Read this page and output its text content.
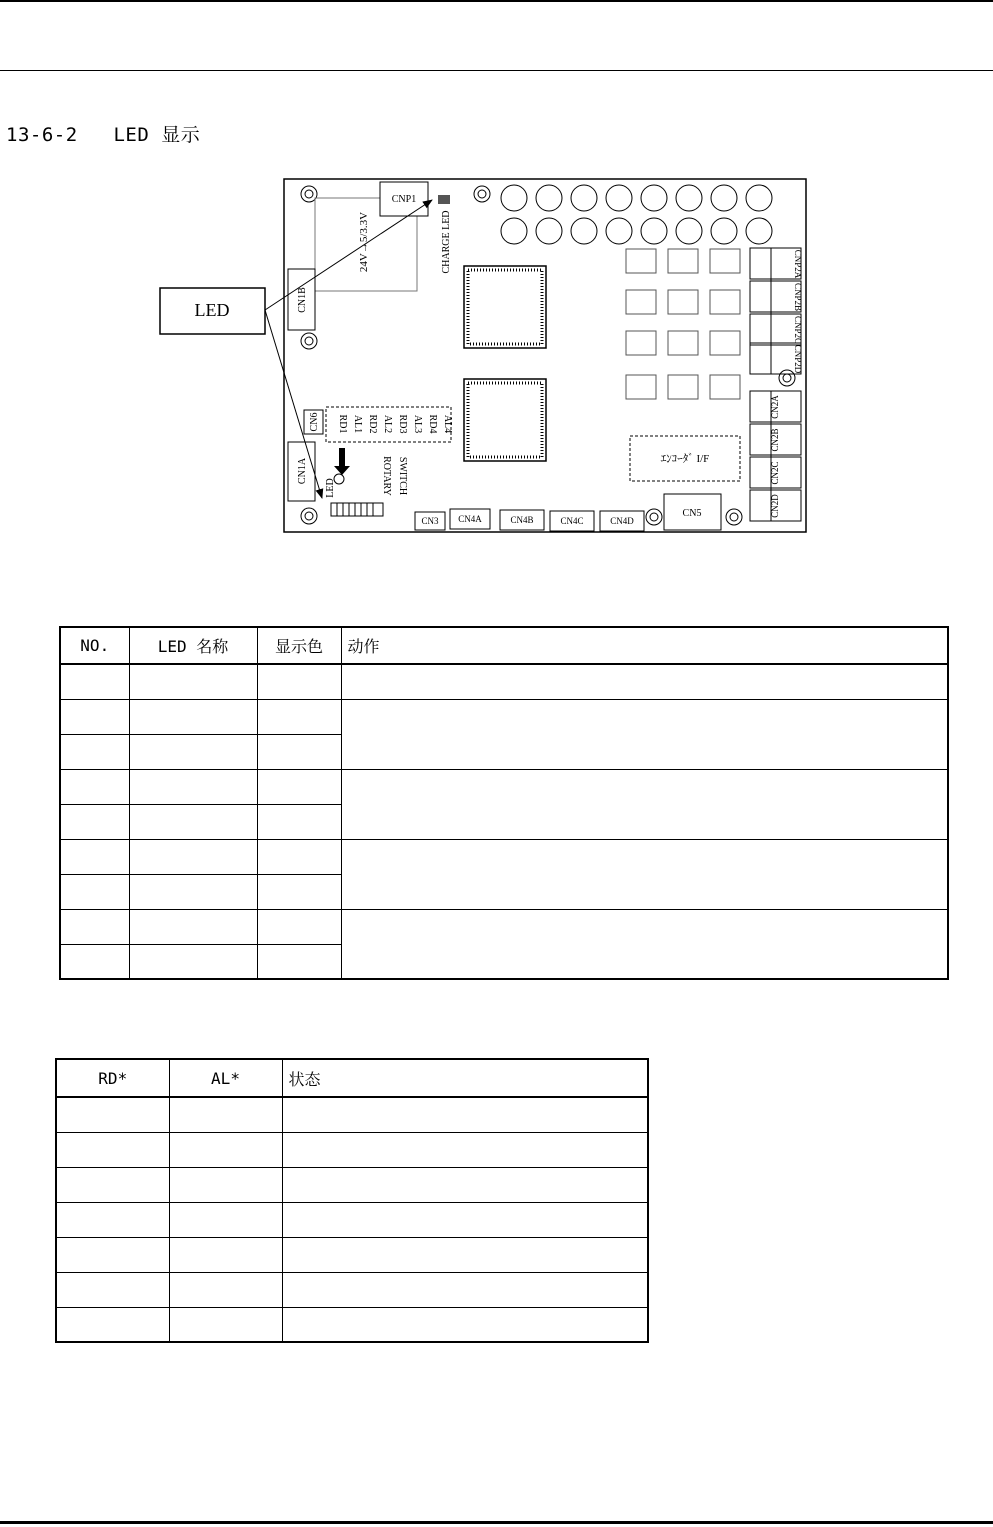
13-6-2   LED 显示
LED
CNP1
CN1B
CN1A
CN6
24V→5/3.3V	CHARGE LED
CN3 CN4A	CN4B	CN4C	CN4D
CN5
CNP2A
CNP2B
CNP2C
CNP2D
CN2A
CN2B
CN2C
CN2D
RD1 AL1 RD2 AL2 RD3 AL3 RD4 AL4
LED	ROTARY SWITCH	ｴﾝｺｰﾀﾞ I/F
NO.	LED 名称	显示色	动作

RD*	AL*	状态
